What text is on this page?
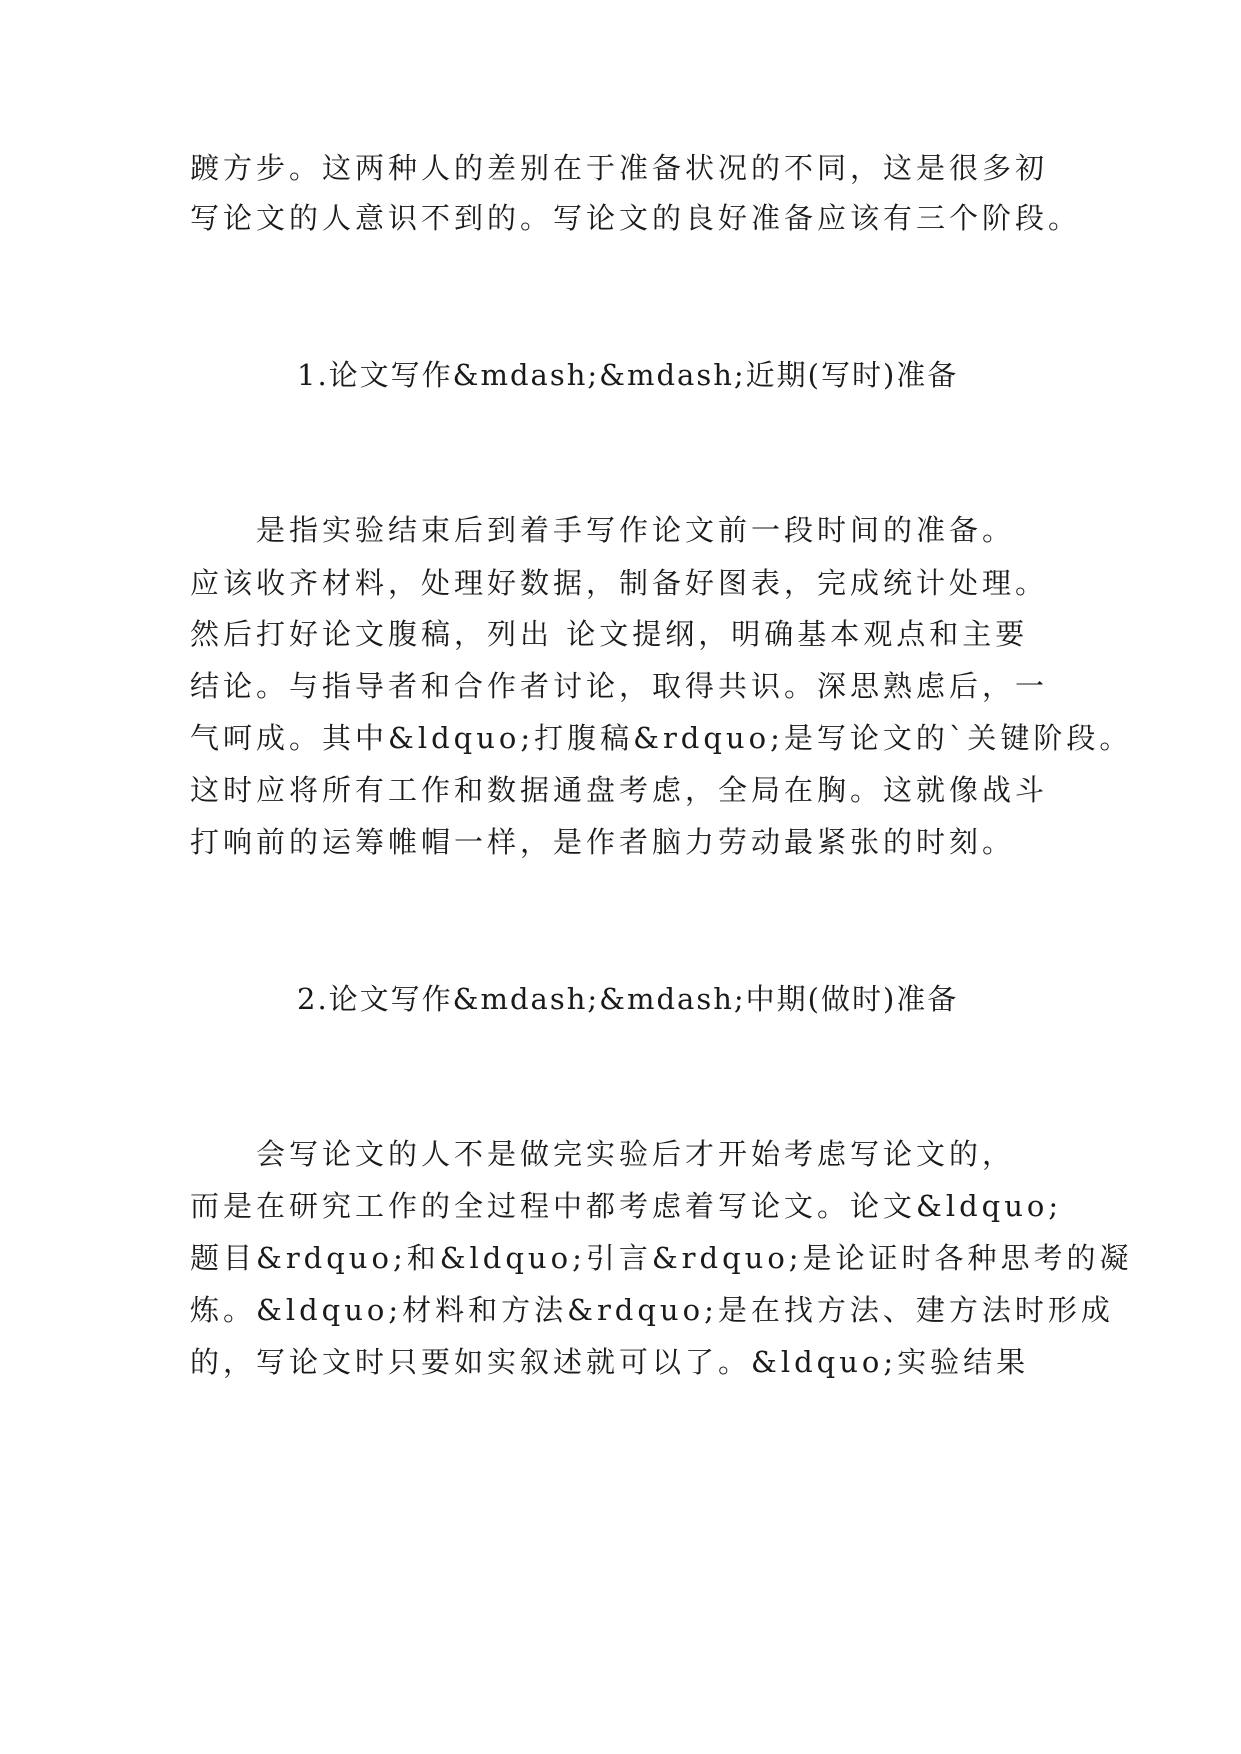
踱方步。这两种人的差别在于准备状况的不同，这是很多初
写论文的人意识不到的。写论文的良好准备应该有三个阶段。
1.论文写作&mdash;&mdash;近期(写时)准备
　　是指实验结束后到着手写作论文前一段时间的准备。
应该收齐材料，处理好数据，制备好图表，完成统计处理。
然后打好论文腹稿，列出 论文提纲，明确基本观点和主要
结论。与指导者和合作者讨论，取得共识。深思熟虑后，一
气呵成。其中&ldquo;打腹稿&rdquo;是写论文的`关键阶段。
这时应将所有工作和数据通盘考虑，全局在胸。这就像战斗
打响前的运筹帷帽一样，是作者脑力劳动最紧张的时刻。
2.论文写作&mdash;&mdash;中期(做时)准备
　　会写论文的人不是做完实验后才开始考虑写论文的，
而是在研究工作的全过程中都考虑着写论文。论文&ldquo;
题目&rdquo;和&ldquo;引言&rdquo;是论证时各种思考的凝
炼。&ldquo;材料和方法&rdquo;是在找方法、建方法时形成
的，写论文时只要如实叙述就可以了。&ldquo;实验结果
